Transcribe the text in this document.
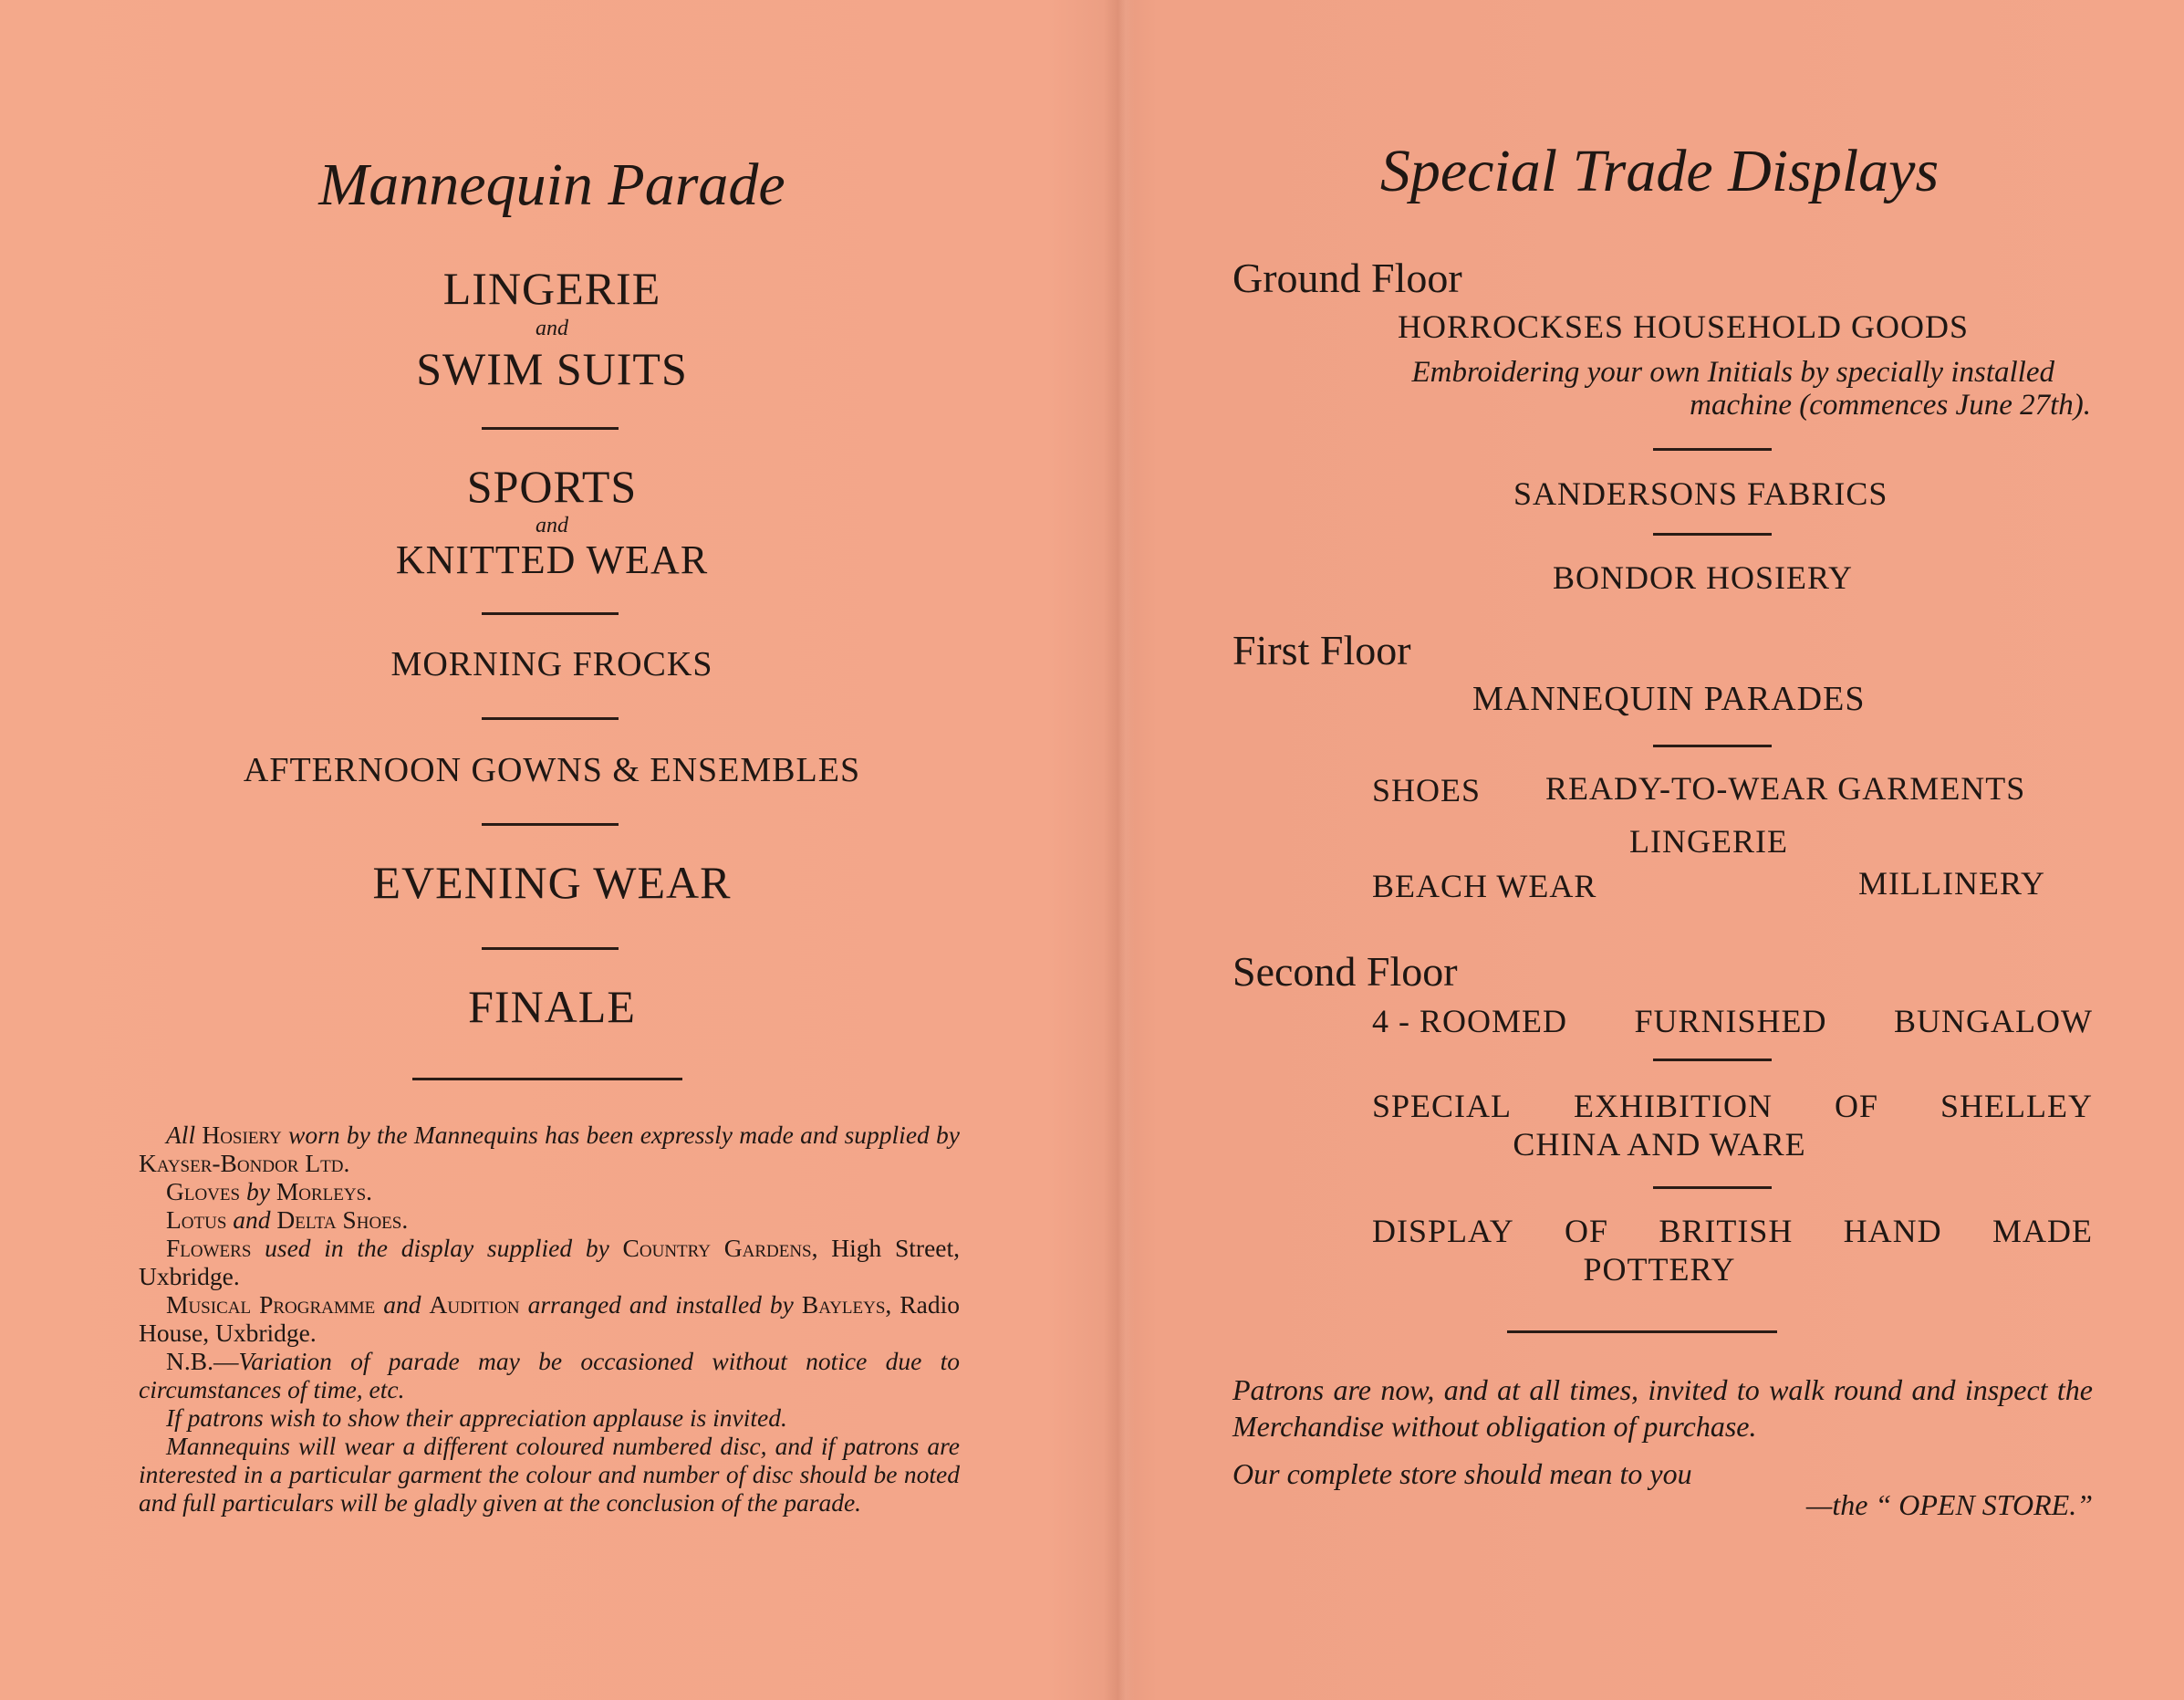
Mannequin Parade
LINGERIE
and
SWIM SUITS
SPORTS
and
KNITTED WEAR
MORNING FROCKS
AFTERNOON GOWNS & ENSEMBLES
EVENING WEAR
FINALE

All Hosiery worn by the Mannequins has been expressly made and supplied by Kayser-Bondor Ltd.

Gloves by Morleys.

Lotus and Delta Shoes.

Flowers used in the display supplied by Country Gardens, High Street, Uxbridge.

Musical Programme and Audition arranged and installed by Bayleys, Radio House, Uxbridge.

N.B.—Variation of parade may be occasioned without notice due to circumstances of time, etc.

If patrons wish to show their appreciation applause is invited.

Mannequins will wear a different coloured numbered disc, and if patrons are interested in a particular garment the colour and number of disc should be noted and full particulars will be gladly given at the conclusion of the parade.

Special Trade Displays
Ground Floor
HORROCKSES HOUSEHOLD GOODS
Embroidering your own Initials by specially installed
machine (commences June 27th).
SANDERSONS FABRICS
BONDOR HOSIERY
First Floor
MANNEQUIN PARADES
SHOES READY-TO-WEAR GARMENTS
LINGERIE
BEACH WEAR	MILLINERY
Second Floor
4 - ROOMED FURNISHED BUNGALOW
SPECIAL EXHIBITION OF SHELLEY
CHINA AND WARE
DISPLAY OF BRITISH HAND MADE
POTTERY
Patrons are now, and at all times, invited to walk round and inspect the Merchandise without obligation of purchase.
Our complete store should mean to you
—the “ OPEN STORE.”
